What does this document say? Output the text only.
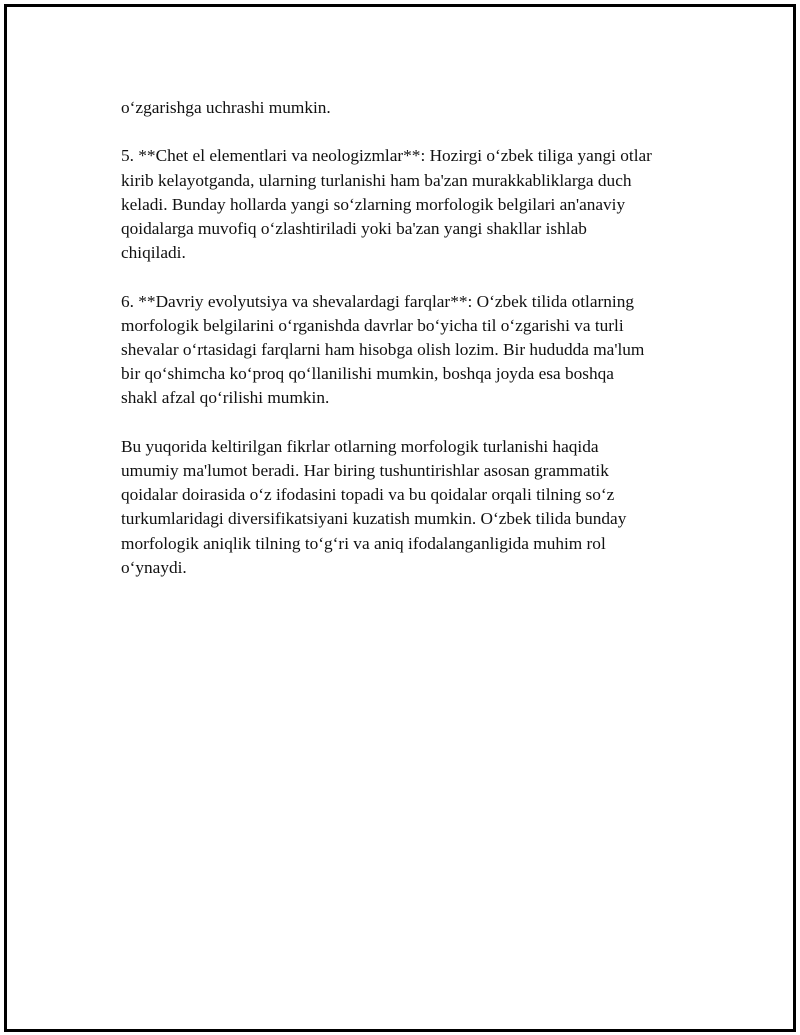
o‘zgarishga uchrashi mumkin.

5. **Chet el elementlari va neologizmlar**: Hozirgi o‘zbek tiliga yangi otlar
kirib kelayotganda, ularning turlanishi ham ba'zan murakkabliklarga duch
keladi. Bunday hollarda yangi so‘zlarning morfologik belgilari an'anaviy
qoidalarga muvofiq o‘zlashtiriladi yoki ba'zan yangi shakllar ishlab
chiqiladi.

6. **Davriy evolyutsiya va shevalardagi farqlar**: O‘zbek tilida otlarning
morfologik belgilarini o‘rganishda davrlar bo‘yicha til o‘zgarishi va turli
shevalar o‘rtasidagi farqlarni ham hisobga olish lozim. Bir hududda ma'lum
bir qo‘shimcha ko‘proq qo‘llanilishi mumkin, boshqa joyda esa boshqa
shakl afzal qo‘rilishi mumkin.

Bu yuqorida keltirilgan fikrlar otlarning morfologik turlanishi haqida
umumiy ma'lumot beradi. Har biring tushuntirishlar asosan grammatik
qoidalar doirasida o‘z ifodasini topadi va bu qoidalar orqali tilning so‘z
turkumlaridagi diversifikatsiyani kuzatish mumkin. O‘zbek tilida bunday
morfologik aniqlik tilning to‘g‘ri va aniq ifodalanganligida muhim rol
o‘ynaydi.
